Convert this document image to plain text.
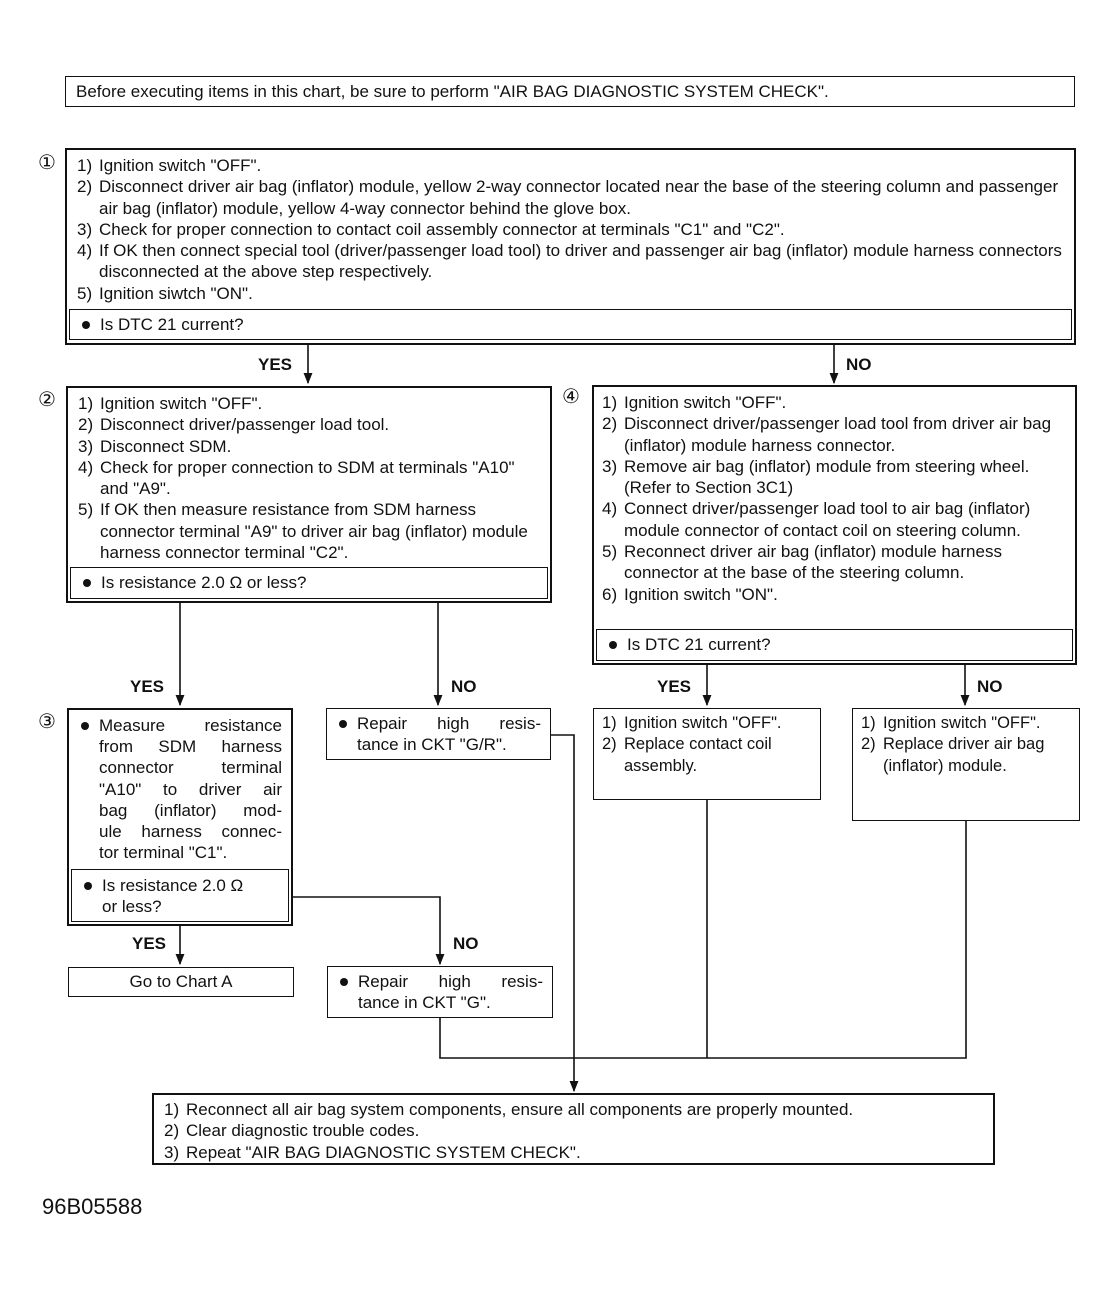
Before executing items in this chart, be sure to perform "AIR BAG DIAGNOSTIC SYSTEM CHECK".
① 1) Ignition switch "OFF".
2) Disconnect driver air bag (inflator) module, yellow 2-way connector located near the base of the steering column and passenger air bag (inflator) module, yellow 4-way connector behind the glove box.
3) Check for proper connection to contact coil assembly connector at terminals "C1" and "C2".
4) If OK then connect special tool (driver/passenger load tool) to driver and passenger air bag (inflator) module harness connectors disconnected at the above step respectively.
5) Ignition siwtch "ON".
Is DTC 21 current?
YES	NO
② 1) Ignition switch "OFF".
2) Disconnect driver/passenger load tool.
3) Disconnect SDM.
4) Check for proper connection to SDM at terminals "A10" and "A9".
5) If OK then measure resistance from SDM harness connector terminal "A9" to driver air bag (inflator) module harness connector terminal "C2".
Is resistance 2.0 Ω or less?
④ 1) Ignition switch "OFF".
2) Disconnect driver/passenger load tool from driver air bag (inflator) module harness connector.
3) Remove air bag (inflator) module from steering wheel. (Refer to Section 3C1)
4) Connect driver/passenger load tool to air bag (inflator) module connector of contact coil on steering column.
5) Reconnect driver air bag (inflator) module harness connector at the base of the steering column.
6) Ignition switch "ON".
Is DTC 21 current?
YES	NO	YES	NO
③	Measure resistance
from SDM harness
connector terminal
"A10" to driver air
bag (inflator) mod-
ule harness connec-
tor terminal "C1".
Is resistance 2.0 Ω
or less?
Repair high resis-
tance in CKT "G/R".
1) Ignition switch "OFF".
2) Replace contact coil assembly.
1) Ignition switch "OFF".
2) Replace driver air bag (inflator) module.
YES	NO
Go to Chart A	Repair high resis-
tance in CKT "G".
1) Reconnect all air bag system components, ensure all components are properly mounted.
2) Clear diagnostic trouble codes.
3) Repeat "AIR BAG DIAGNOSTIC SYSTEM CHECK".
96B05588
